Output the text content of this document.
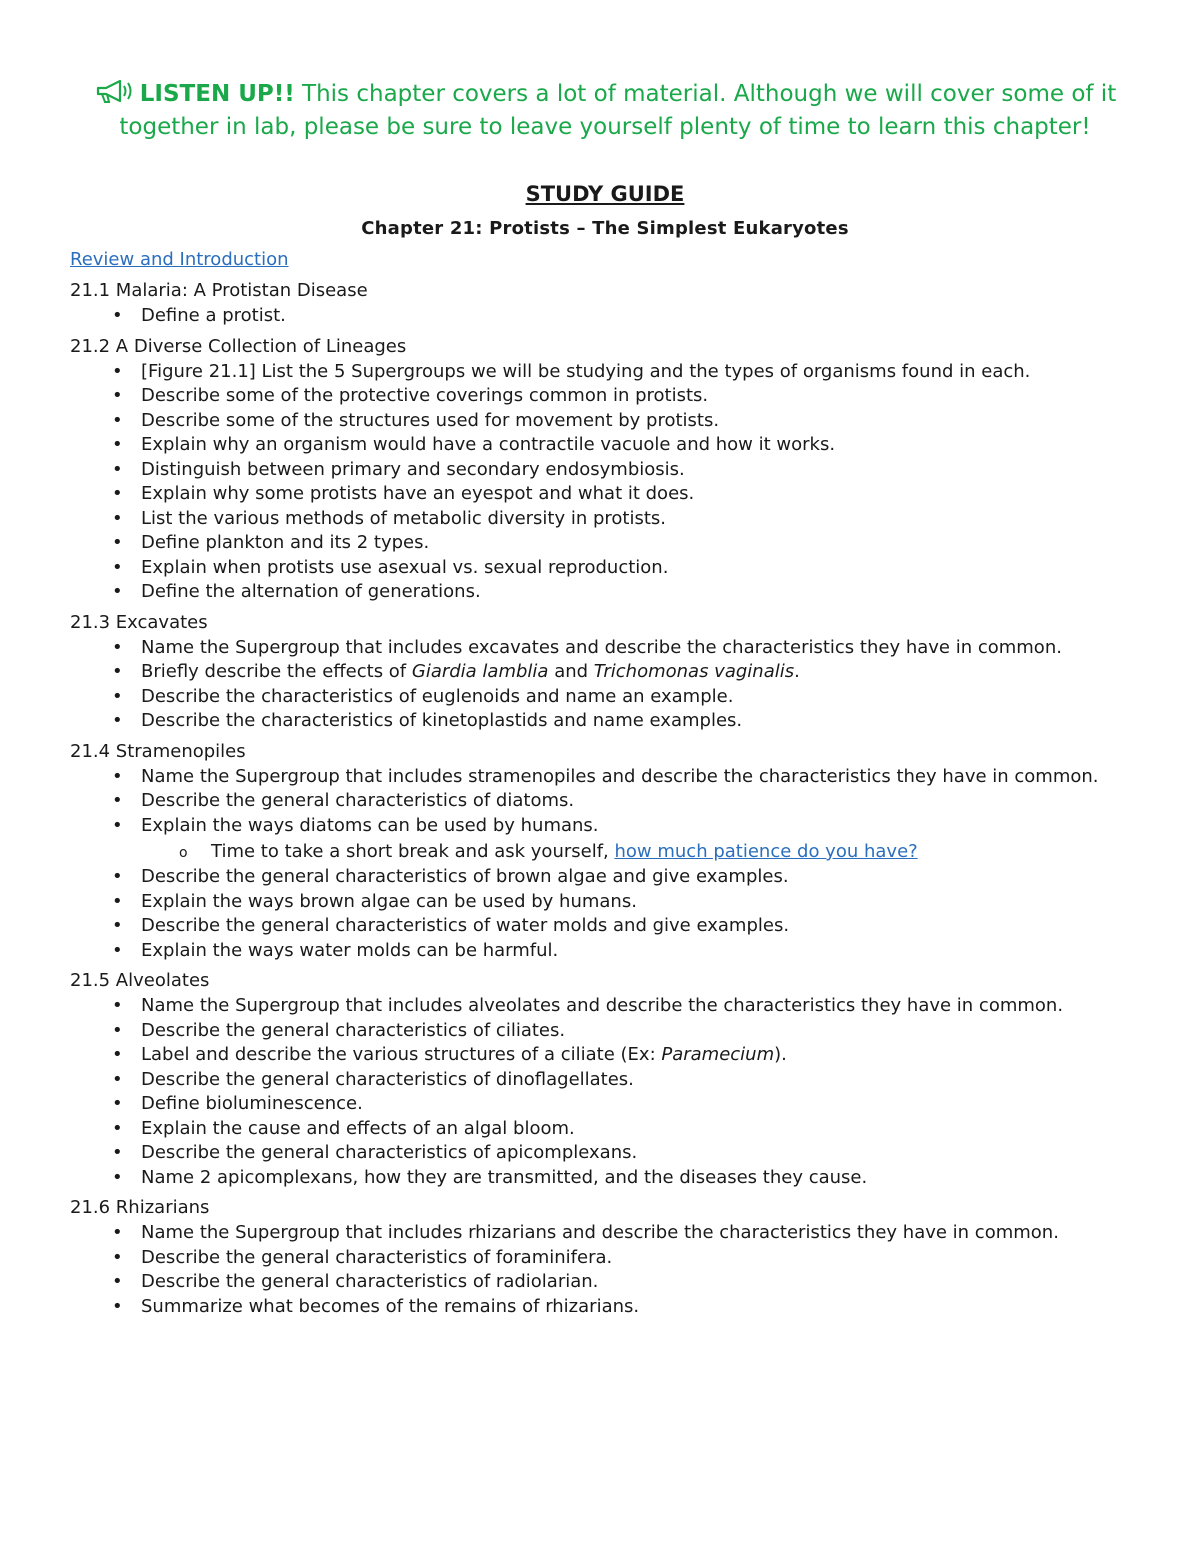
LISTEN UP!! This chapter covers a lot of material. Although we will cover some of it together in lab, please be sure to leave yourself plenty of time to learn this chapter!
STUDY GUIDE
Chapter 21: Protists – The Simplest Eukaryotes
Review and Introduction
21.1 Malaria: A Protistan Disease
• Define a protist.
21.2 A Diverse Collection of Lineages
• [Figure 21.1] List the 5 Supergroups we will be studying and the types of organisms found in each.
• Describe some of the protective coverings common in protists.
• Describe some of the structures used for movement by protists.
• Explain why an organism would have a contractile vacuole and how it works.
• Distinguish between primary and secondary endosymbiosis.
• Explain why some protists have an eyespot and what it does.
• List the various methods of metabolic diversity in protists.
• Define plankton and its 2 types.
• Explain when protists use asexual vs. sexual reproduction.
• Define the alternation of generations.
21.3 Excavates
• Name the Supergroup that includes excavates and describe the characteristics they have in common.
• Briefly describe the effects of Giardia lamblia and Trichomonas vaginalis.
• Describe the characteristics of euglenoids and name an example.
• Describe the characteristics of kinetoplastids and name examples.
21.4 Stramenopiles
• Name the Supergroup that includes stramenopiles and describe the characteristics they have in common.
• Describe the general characteristics of diatoms.
• Explain the ways diatoms can be used by humans.
o Time to take a short break and ask yourself, how much patience do you have?
• Describe the general characteristics of brown algae and give examples.
• Explain the ways brown algae can be used by humans.
• Describe the general characteristics of water molds and give examples.
• Explain the ways water molds can be harmful.
21.5 Alveolates
• Name the Supergroup that includes alveolates and describe the characteristics they have in common.
• Describe the general characteristics of ciliates.
• Label and describe the various structures of a ciliate (Ex: Paramecium).
• Describe the general characteristics of dinoflagellates.
• Define bioluminescence.
• Explain the cause and effects of an algal bloom.
• Describe the general characteristics of apicomplexans.
• Name 2 apicomplexans, how they are transmitted, and the diseases they cause.
21.6 Rhizarians
• Name the Supergroup that includes rhizarians and describe the characteristics they have in common.
• Describe the general characteristics of foraminifera.
• Describe the general characteristics of radiolarian.
• Summarize what becomes of the remains of rhizarians.
